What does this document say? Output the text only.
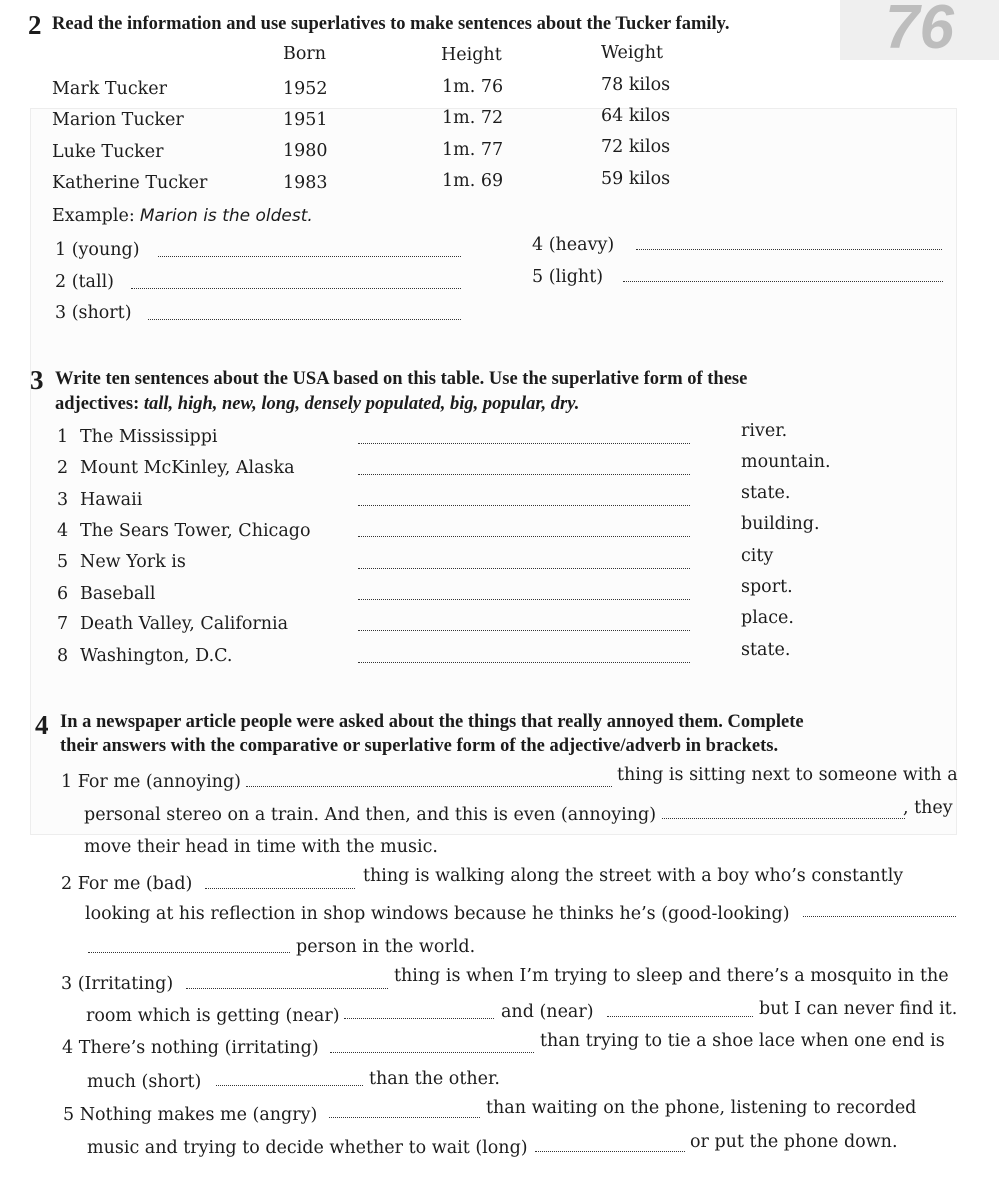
76
2 Read the information and use superlatives to make sentences about the Tucker family.
Born	Height	Weight
Mark Tucker	1952	1m. 76	78 kilos
Marion Tucker	1951	1m. 72	64 kilos
Luke Tucker	1980	1m. 77	72 kilos
Katherine Tucker	1983	1m. 69	59 kilos
Example: Marion is the oldest.
1 (young)
2 (tall)
3 (short)
4 (heavy)
5 (light)
3 Write ten sentences about the USA based on this table. Use the superlative form of these
adjectives: tall, high, new, long, densely populated, big, popular, dry.
1 The Mississippi	river.
2 Mount McKinley, Alaska	mountain.
3 Hawaii	state.
4 The Sears Tower, Chicago	building.
5 New York is	city
6 Baseball	sport.
7 Death Valley, California	place.
8 Washington, D.C.	state.
4 In a newspaper article people were asked about the things that really annoyed them. Complete
their answers with the comparative or superlative form of the adjective/adverb in brackets.
1 For me (annoying)	thing is sitting next to someone with a
personal stereo on a train. And then, and this is even (annoying)	, they
move their head in time with the music.
2 For me (bad)	thing is walking along the street with a boy who’s constantly
looking at his reflection in shop windows because he thinks he’s (good-looking)
person in the world.
3 (Irritating)	thing is when I’m trying to sleep and there’s a mosquito in the
room which is getting (near)	and (near)	but I can never find it.
4 There’s nothing (irritating)	than trying to tie a shoe lace when one end is
much (short)	than the other.
5 Nothing makes me (angry)	than waiting on the phone, listening to recorded
music and trying to decide whether to wait (long)	or put the phone down.
